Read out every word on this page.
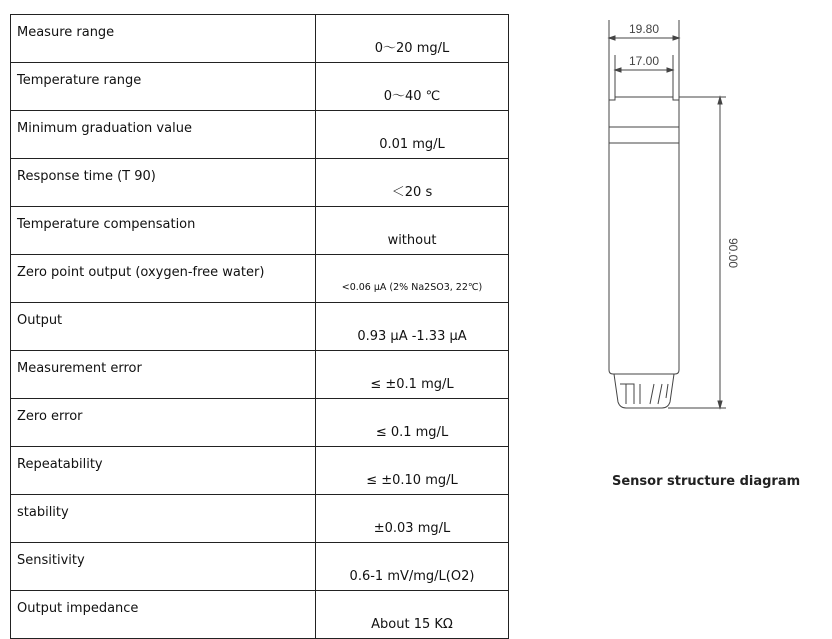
Measure range	0～20 mg/L
Temperature range	0～40 ℃
Minimum graduation value	0.01 mg/L
Response time (T 90)	＜20 s
Temperature compensation	without
Zero point output (oxygen-free water)	<0.06 μA (2% Na2SO3, 22℃)
Output	0.93 μA -1.33 μA
Measurement error	≤ ±0.1 mg/L
Zero error	≤ 0.1 mg/L
Repeatability	≤ ±0.10 mg/L
stability	±0.03 mg/L
Sensitivity	0.6-1 mV/mg/L(O2)
Output impedance	About 15 KΩ
19.80
17.00
90.00
Sensor structure diagram
